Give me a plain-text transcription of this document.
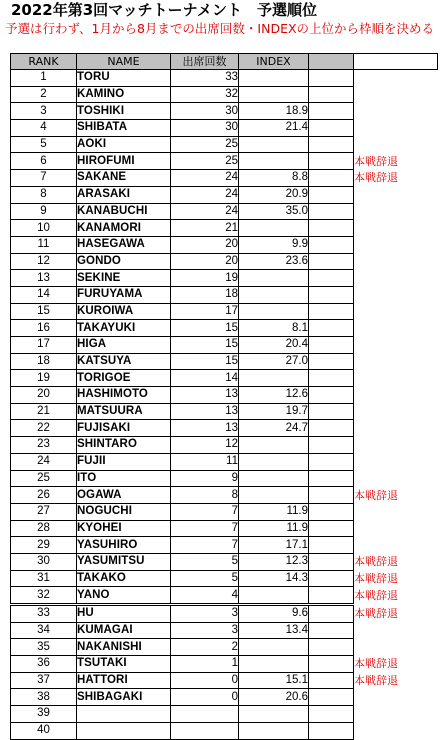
2022年第3回マッチトーナメント　予選順位
予選は行わず、1月から8月までの出席回数・INDEXの上位から枠順を決める
RANK	NAME	出席回数	INDEX		
1	TORU	33			
2	KAMINO	32			
3	TOSHIKI	30	18.9		
4	SHIBATA	30	21.4		
5	AOKI	25			
6	HIROFUMI	25			本戦辞退
7	SAKANE	24	8.8		本戦辞退
8	ARASAKI	24	20.9		
9	KANABUCHI	24	35.0		
10	KANAMORI	21			
11	HASEGAWA	20	9.9		
12	GONDO	20	23.6		
13	SEKINE	19			
14	FURUYAMA	18			
15	KUROIWA	17			
16	TAKAYUKI	15	8.1		
17	HIGA	15	20.4		
18	KATSUYA	15	27.0		
19	TORIGOE	14			
20	HASHIMOTO	13	12.6		
21	MATSUURA	13	19.7		
22	FUJISAKI	13	24.7		
23	SHINTARO	12			
24	FUJII	11			
25	ITO	9			
26	OGAWA	8			本戦辞退
27	NOGUCHI	7	11.9		
28	KYOHEI	7	11.9		
29	YASUHIRO	7	17.1		
30	YASUMITSU	5	12.3		本戦辞退
31	TAKAKO	5	14.3		本戦辞退
32	YANO	4			本戦辞退
33	HU	3	9.6		本戦辞退
34	KUMAGAI	3	13.4		
35	NAKANISHI	2			
36	TSUTAKI	1			本戦辞退
37	HATTORI	0	15.1		本戦辞退
38	SHIBAGAKI	0	20.6		
39					
40					
